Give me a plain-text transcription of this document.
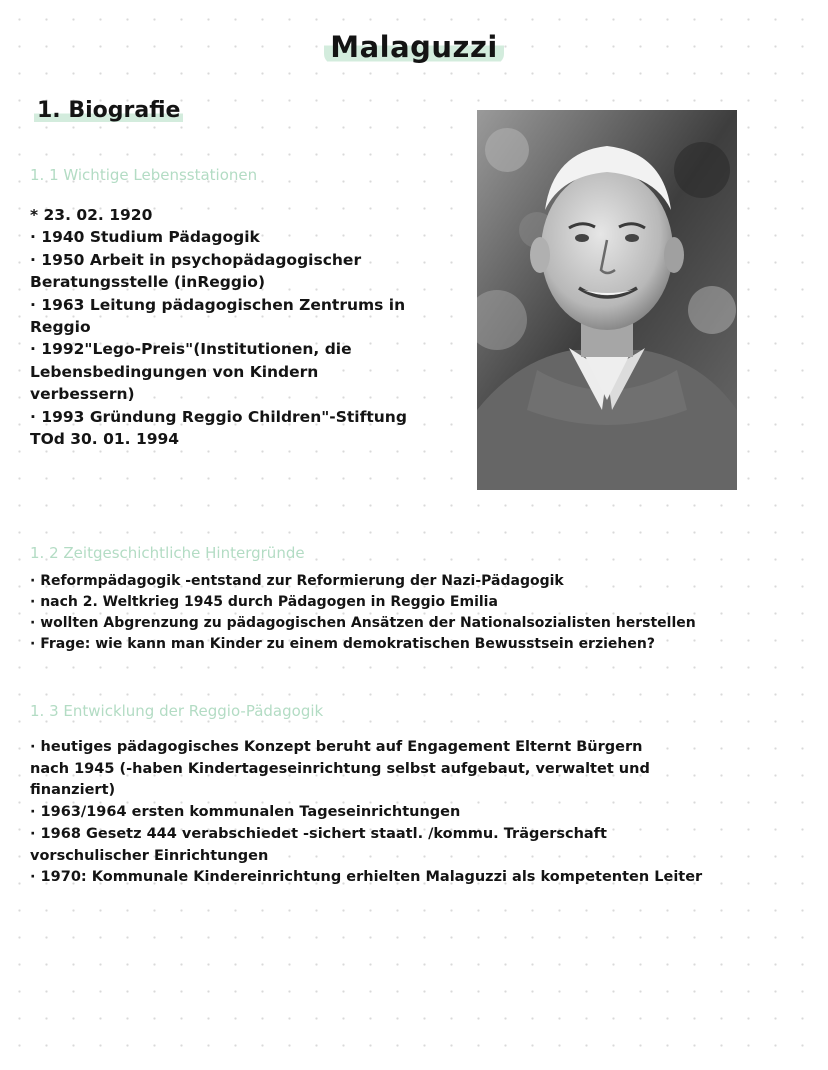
Malaguzzi
1. Biografie
1. 1 Wichtige Lebensstationen
* 23. 02. 1920
· 1940 Studium Pädagogik
· 1950 Arbeit in psychopädagogischer
Beratungsstelle (inReggio)
· 1963 Leitung pädagogischen Zentrums in
Reggio
· 1992"Lego-Preis"(Institutionen, die
Lebensbedingungen von Kindern
verbessern)
· 1993 Gründung Reggio Children"-Stiftung
TOd 30. 01. 1994
1. 2 Zeitgeschichtliche Hintergründe
· Reformpädagogik -entstand zur Reformierung der Nazi-Pädagogik
· nach 2. Weltkrieg 1945 durch Pädagogen in Reggio Emilia
· wollten Abgrenzung zu pädagogischen Ansätzen der Nationalsozialisten herstellen
· Frage: wie kann man Kinder zu einem demokratischen Bewusstsein erziehen?
1. 3 Entwicklung der Reggio-Pädagogik
· heutiges pädagogisches Konzept beruht auf Engagement Elternt Bürgern
nach 1945 (-haben Kindertageseinrichtung selbst aufgebaut, verwaltet und
finanziert)
· 1963/1964 ersten kommunalen Tageseinrichtungen
· 1968 Gesetz 444 verabschiedet -sichert staatl. /kommu. Trägerschaft
vorschulischer Einrichtungen
· 1970: Kommunale Kindereinrichtung erhielten Malaguzzi als kompetenten Leiter
